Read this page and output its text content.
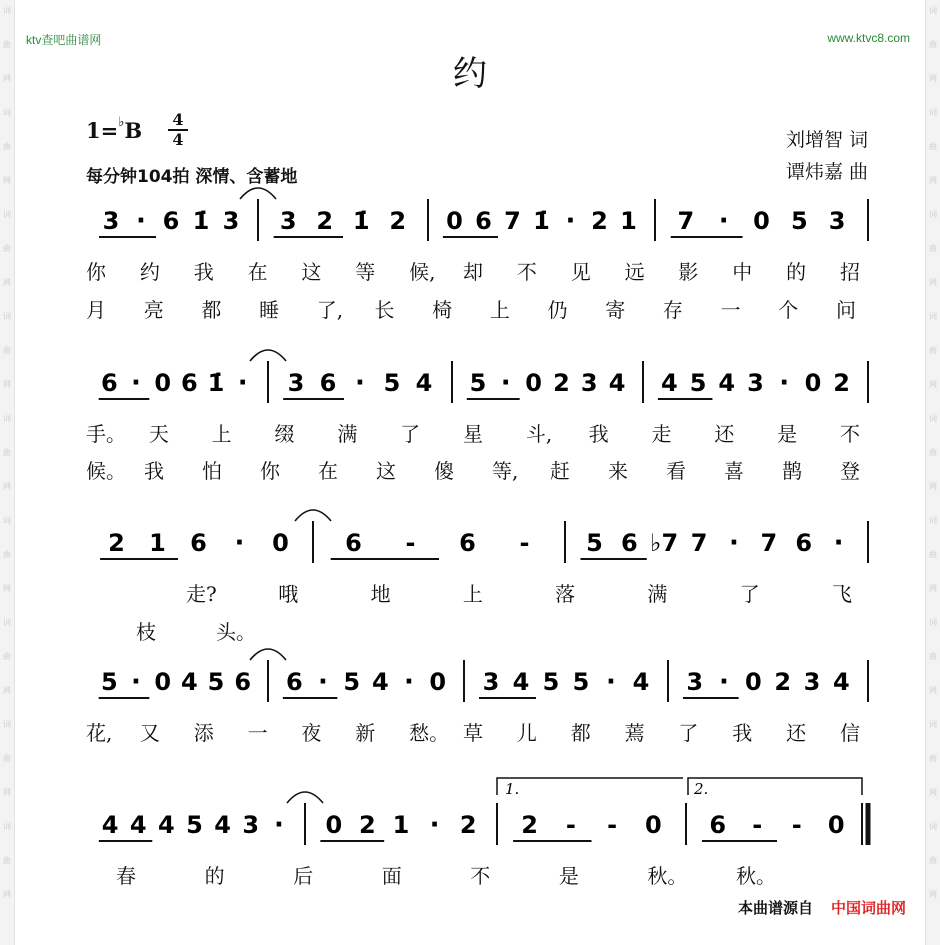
词
曲
网
词
曲
网
词
曲
网
词
曲
网
词
曲
网
词
曲
网
词
曲
网
词
曲
网
词
曲
网
词
曲
网
词
曲
网
词
曲
网
词
曲
网
词
曲
网
词
曲
网
词
曲
网
词
曲
网
词
曲
网
ktv查吧曲谱网	www.ktvc8.com
约
1=♭B 4
4
每分钟104拍 深情、含蓄地
刘增智 词
谭炜嘉 曲
3 · 6 1̇ 3 3 2 1̇ 2 0 6 7 1̇ · 2 1 7 · 0 5 3
6 · 0 6 1̇ · 3 6 · 5 4 5 · 0 2 3 4 4 5 4 3 · 0 2
2 1 6 · 0 6 - 6 - 5 6 ♭7 7 · 7 6 ·
5 · 0 4 5 6 6 · 5 4 · 0 3 4 5 5 · 4 3 · 0 2 3 4
4 4 4 5 4 3 · 0 2 1 · 2 2 - - 0 6 - - 0
1.	2.
你 约 我 在 这 等 候, 却 不 见 远 影 中 的 招
月 亮 都 睡 了, 长 椅 上 仍 寄 存 一 个 问
手。 天 上 缀 满 了 星 斗, 我 走 还 是 不
候。 我 怕 你 在 这 傻 等, 赶 来 看 喜 鹊 登
走?	哦	地	上	落	满	了	飞
枝	头。
花, 又 添 一 夜 新 愁。 草 儿 都 蔫 了 我 还 信
春	的	后	面	不	是	秋。 秋。
本曲谱源自 中国词曲网
